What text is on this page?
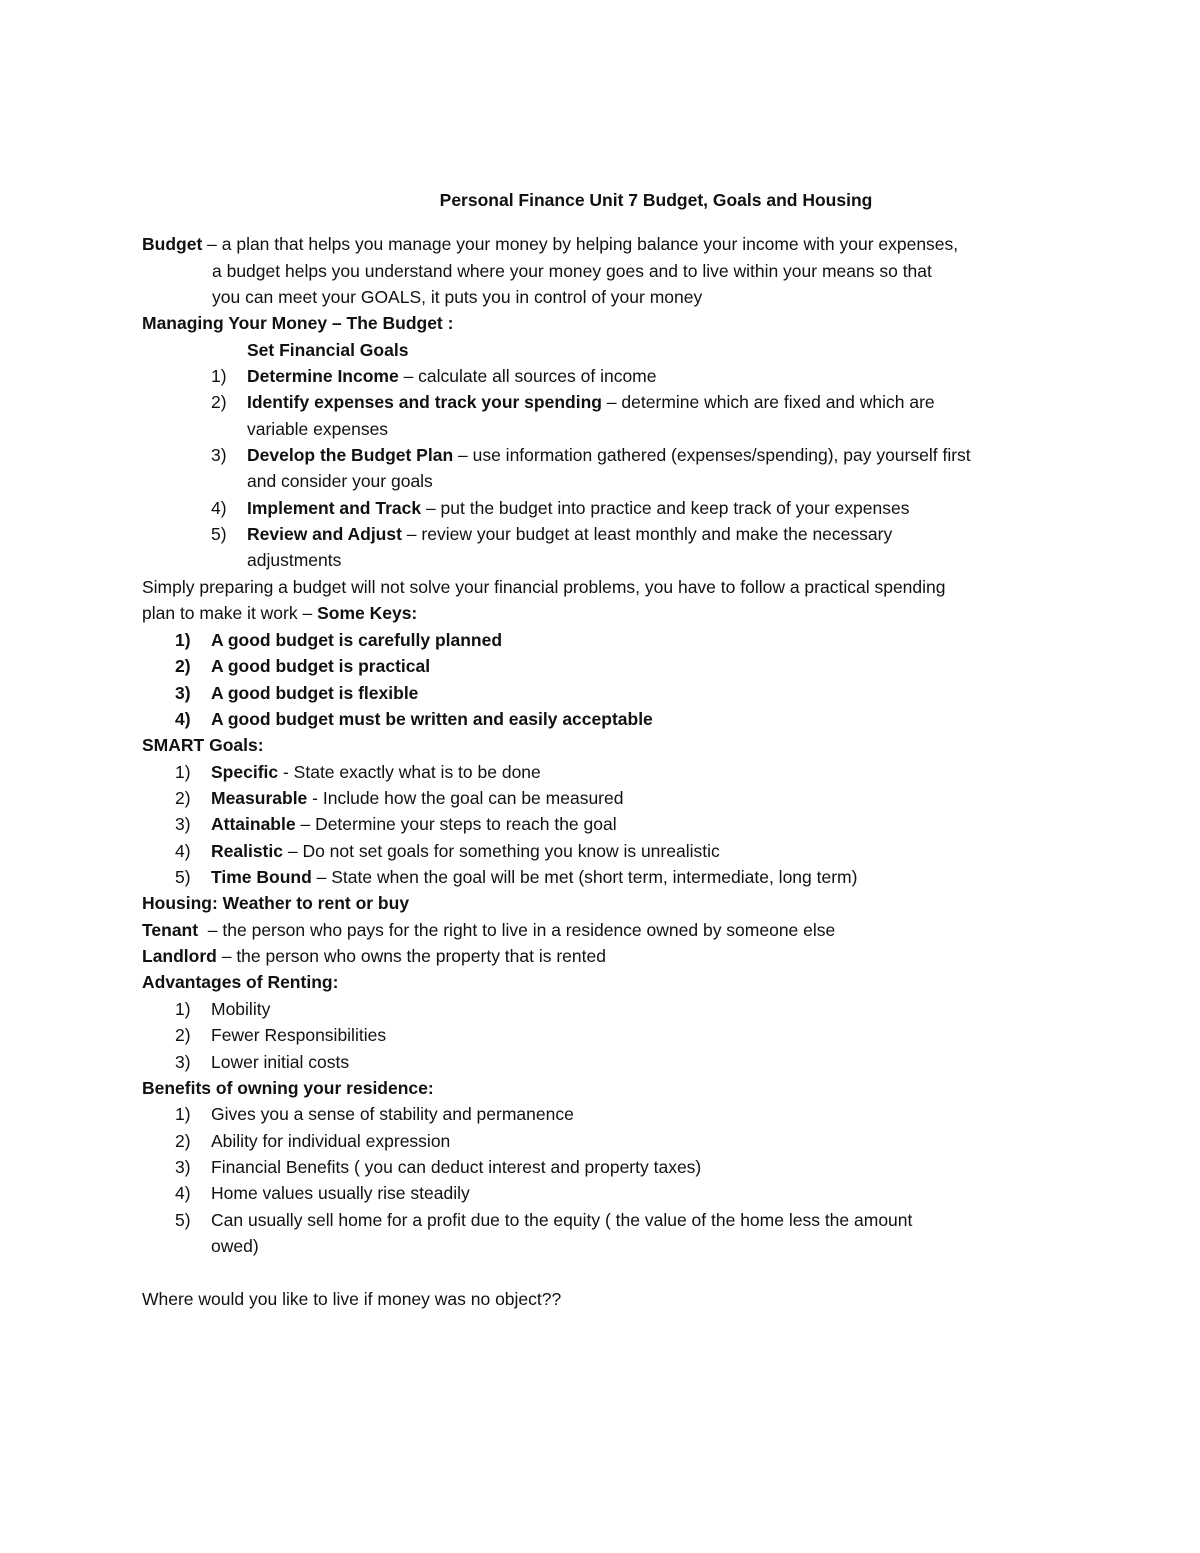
Personal Finance Unit 7 Budget, Goals and Housing
Budget – a plan that helps you manage your money by helping balance your income with your expenses,
a budget helps you understand where your money goes and to live within your means so that
you can meet your GOALS, it puts you in control of your money
Managing Your Money – The Budget :
Set Financial Goals
1) Determine Income – calculate all sources of income
2) Identify expenses and track your spending – determine which are fixed and which are
variable expenses
3) Develop the Budget Plan – use information gathered (expenses/spending), pay yourself first
and consider your goals
4) Implement and Track – put the budget into practice and keep track of your expenses
5) Review and Adjust – review your budget at least monthly and make the necessary
adjustments
Simply preparing a budget will not solve your financial problems, you have to follow a practical spending
plan to make it work – Some Keys:
1) A good budget is carefully planned
2) A good budget is practical
3) A good budget is flexible
4) A good budget must be written and easily acceptable
SMART Goals:
1) Specific - State exactly what is to be done
2) Measurable - Include how the goal can be measured
3) Attainable – Determine your steps to reach the goal
4) Realistic – Do not set goals for something you know is unrealistic
5) Time Bound – State when the goal will be met (short term, intermediate, long term)
Housing: Weather to rent or buy
Tenant  – the person who pays for the right to live in a residence owned by someone else
Landlord – the person who owns the property that is rented
Advantages of Renting:
1) Mobility
2) Fewer Responsibilities
3) Lower initial costs
Benefits of owning your residence:
1) Gives you a sense of stability and permanence
2) Ability for individual expression
3) Financial Benefits ( you can deduct interest and property taxes)
4) Home values usually rise steadily
5) Can usually sell home for a profit due to the equity ( the value of the home less the amount
owed)
Where would you like to live if money was no object??
